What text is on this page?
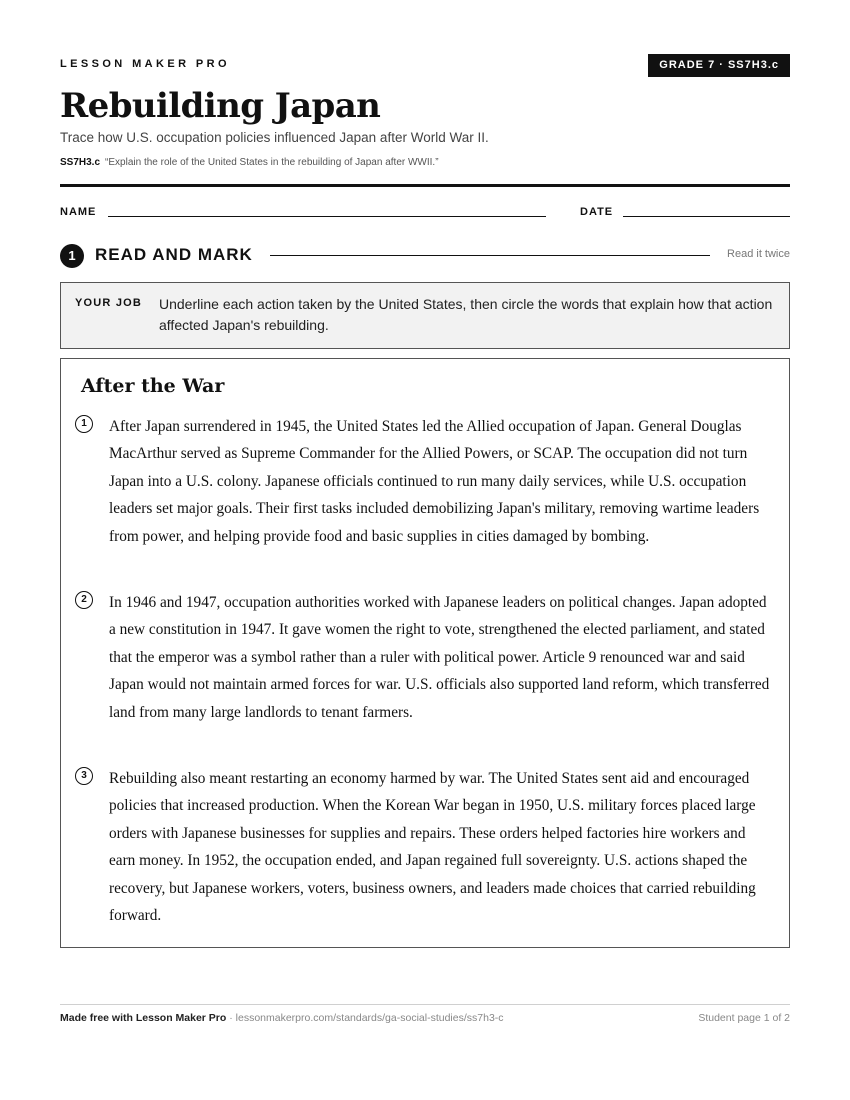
LESSON MAKER PRO	GRADE 7 · SS7H3.c
Rebuilding Japan
Trace how U.S. occupation policies influenced Japan after World War II.
SS7H3.c “Explain the role of the United States in the rebuilding of Japan after WWII.”
NAME	DATE
1	READ AND MARK	Read it twice
YOUR JOB Underline each action taken by the United States, then circle the words that explain how that action affected Japan's rebuilding.
After the War
1	After Japan surrendered in 1945, the United States led the Allied occupation of Japan. General Douglas MacArthur served as Supreme Commander for the Allied Powers, or SCAP. The occupation did not turn Japan into a U.S. colony. Japanese officials continued to run many daily services, while U.S. occupation leaders set major goals. Their first tasks included demobilizing Japan's military, removing wartime leaders from power, and helping provide food and basic supplies in cities damaged by bombing.

2	In 1946 and 1947, occupation authorities worked with Japanese leaders on political changes. Japan adopted a new constitution in 1947. It gave women the right to vote, strengthened the elected parliament, and stated that the emperor was a symbol rather than a ruler with political power. Article 9 renounced war and said Japan would not maintain armed forces for war. U.S. officials also supported land reform, which transferred land from many large landlords to tenant farmers.

3	Rebuilding also meant restarting an economy harmed by war. The United States sent aid and encouraged policies that increased production. When the Korean War began in 1950, U.S. military forces placed large orders with Japanese businesses for supplies and repairs. These orders helped factories hire workers and earn money. In 1952, the occupation ended, and Japan regained full sovereignty. U.S. actions shaped the recovery, but Japanese workers, voters, business owners, and leaders made choices that carried rebuilding forward.

Made free with Lesson Maker Pro · lessonmakerpro.com/standards/ga-social-studies/ss7h3-c	Student page 1 of 2
